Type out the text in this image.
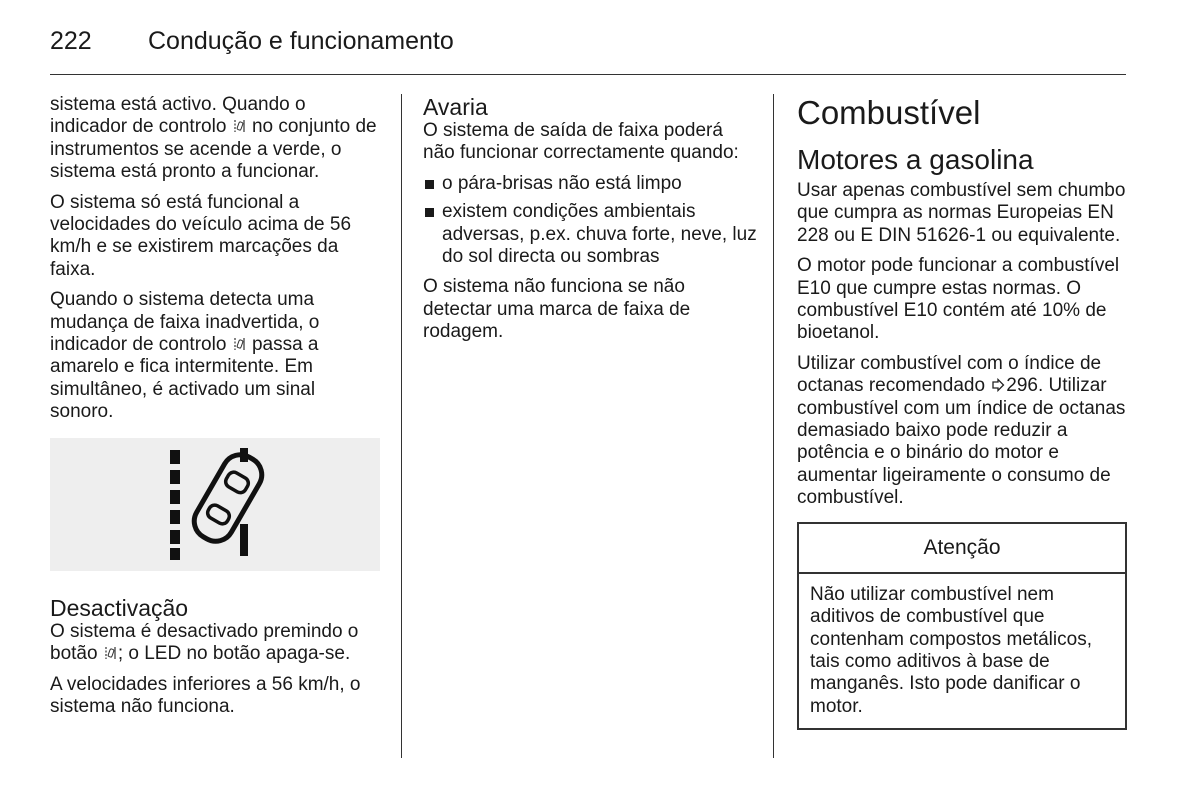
222 Condução e funcionamento

sistema está activo. Quando o indicador de controlo no conjunto de instrumentos se acende a verde, o sistema está pronto a funcionar.

O sistema só está funcional a velocidades do veículo acima de 56 km/h e se existirem marcações da faixa.

Quando o sistema detecta uma mudança de faixa inadvertida, o indicador de controlo passa a amarelo e fica intermitente. Em simultâneo, é activado um sinal sonoro.

Desactivação

O sistema é desactivado premindo o botão ; o LED no botão apaga-se.

A velocidades inferiores a 56 km/h, o sistema não funciona.

Avaria

O sistema de saída de faixa poderá não funcionar correctamente quando:

o pára-brisas não está limpo
existem condições ambientais adversas, p.ex. chuva forte, neve, luz do sol directa ou sombras

O sistema não funciona se não detectar uma marca de faixa de rodagem.

Combustível
Motores a gasolina

Usar apenas combustível sem chumbo que cumpra as normas Europeias EN 228 ou E DIN 51626-1 ou equivalente.

O motor pode funcionar a combustível E10 que cumpre estas normas. O combustível E10 contém até 10% de bioetanol.

Utilizar combustível com o índice de octanas recomendado 296. Utilizar combustível com um índice de octanas demasiado baixo pode reduzir a potência e o binário do motor e aumentar ligeiramente o consumo de combustível.

Atenção
Não utilizar combustível nem aditivos de combustível que contenham compostos metálicos, tais como aditivos à base de manganês. Isto pode danificar o motor.
